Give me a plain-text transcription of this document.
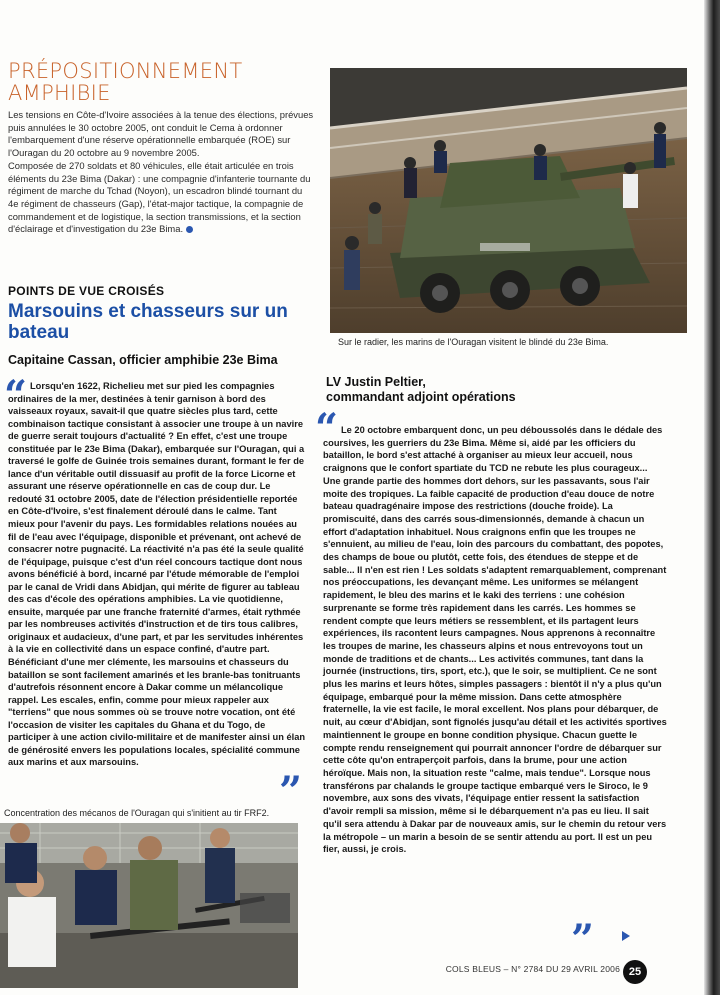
PRÉPOSITIONNEMENT AMPHIBIE

Les tensions en Côte-d'Ivoire associées à la tenue des élections, prévues puis annulées le 30 octobre 2005, ont conduit le Cema à ordonner l'embarquement d'une réserve opérationnelle embarquée (ROE) sur l'Ouragan du 20 octobre au 9 novembre 2005.

Composée de 270 soldats et 80 véhicules, elle était articulée en trois éléments du 23e Bima (Dakar) : une compagnie d'infanterie tournante du régiment de marche du Tchad (Noyon), un escadron blindé tournant du 4e régiment de chasseurs (Gap), l'état-major tactique, la compagnie de commandement et de logistique, la section transmissions, et la section d'éclairage et d'investigation du 23e Bima.

Sur le radier, les marins de l'Ouragan visitent le blindé du 23e Bima.
POINTS DE VUE CROISÉS
Marsouins et chasseurs sur un bateau
Capitaine Cassan, officier amphibie 23e Bima
“ Lorsqu'en 1622, Richelieu met sur pied les compagnies ordinaires de la mer, destinées à tenir garnison à bord des vaisseaux royaux, savait-il que quatre siècles plus tard, cette combinaison tactique consistant à associer une troupe à un navire de guerre serait toujours d'actualité ? En effet, c'est une troupe constituée par le 23e Bima (Dakar), embarquée sur l'Ouragan, qui a traversé le golfe de Guinée trois semaines durant, formant le fer de lance d'un véritable outil dissuasif au profit de la force Licorne et assurant une réserve opérationnelle en cas de coup dur. Le redouté 31 octobre 2005, date de l'élection présidentielle reportée en Côte-d'Ivoire, s'est finalement déroulé dans le calme. Tant mieux pour l'avenir du pays. Les formidables relations nouées au fil de l'eau avec l'équipage, disponible et prévenant, ont achevé de consacrer notre pugnacité. La réactivité n'a pas été la seule qualité de l'équipage, puisque c'est d'un réel concours tactique dont nous avons bénéficié à bord, incarné par l'étude mémorable de l'emploi par le canal de Vridi dans Abidjan, qui mérite de figurer au tableau des cas d'école des opérations amphibies. La vie quotidienne, ensuite, marquée par une franche fraternité d'armes, était rythmée par les nombreuses activités d'instruction et de tirs tous calibres, originaux et audacieux, d'une part, et par les servitudes inhérentes à la vie en collectivité dans un espace confiné, d'autre part. Bénéficiant d'une mer clémente, les marsouins et chasseurs du bataillon se sont facilement amarinés et les branle-bas tonitruants d'autrefois résonnent encore à Dakar comme un mélancolique rappel. Les escales, enfin, comme pour mieux rappeler aux "terriens" que nous sommes où se trouve notre vocation, ont été l'occasion de visiter les capitales du Ghana et du Togo, de participer à une action civilo-militaire et de manifester ainsi un élan de générosité envers les populations locales, spécialité commune aux marins et aux marsouins.
”
Concentration des mécanos de l'Ouragan qui s'initient au tir FRF2.
LV Justin Peltier,
commandant adjoint opérations
“ Le 20 octobre embarquent donc, un peu déboussolés dans le dédale des coursives, les guerriers du 23e Bima. Même si, aidé par les officiers du bataillon, le bord s'est attaché à organiser au mieux leur accueil, nous craignons que le confort spartiate du TCD ne rebute les plus courageux... Une grande partie des hommes dort dehors, sur les passavants, sous l'air moite des tropiques. La faible capacité de production d'eau douce de notre bateau quadragénaire impose des restrictions (douche froide). La promiscuité, dans des carrés sous-dimensionnés, demande à chacun un effort d'adaptation inhabituel. Nous craignons enfin que les troupes ne s'ennuient, au milieu de l'eau, loin des parcours du combattant, des popotes, des champs de boue ou plutôt, cette fois, des étendues de steppe et de sable... Il n'en est rien ! Les soldats s'adaptent remarquablement, comprenant nos préoccupations, les devançant même. Les uniformes se mélangent rapidement, le bleu des marins et le kaki des terriens : une cohésion surprenante se forme très rapidement dans les carrés. Les hommes se rendent compte que leurs métiers se ressemblent, et ils partagent leurs expériences, ils racontent leurs campagnes. Nous apprenons à reconnaître les troupes de marine, les chasseurs alpins et nous entrevoyons tout un monde de traditions et de chants... Les activités communes, tant dans la journée (instructions, tirs, sport, etc.), que le soir, se multiplient. Ce ne sont plus les marins et leurs hôtes, simples passagers : bientôt il n'y a plus qu'un équipage, embarqué pour la même mission. Dans cette atmosphère fraternelle, la vie est facile, le moral excellent. Nos plans pour débarquer, de nuit, au cœur d'Abidjan, sont fignolés jusqu'au détail et les activités sportives maintiennent le groupe en bonne condition physique. Chacun guette le compte rendu renseignement qui pourrait annoncer l'ordre de débarquer sur cette côte qu'on entraperçoit parfois, dans la brume, pour une action héroïque. Mais non, la situation reste "calme, mais tendue". Lorsque nous transférons par chalands le groupe tactique embarqué vers le Siroco, le 9 novembre, aux sons des vivats, l'équipage entier ressent la satisfaction d'avoir rempli sa mission, même si le débarquement n'a pas eu lieu. Il sait qu'il sera attendu à Dakar par de nouveaux amis, sur le chemin du retour vers la métropole – un marin a besoin de se sentir attendu au port. Il est un peu fier, aussi, je crois.
”
COLS BLEUS – N° 2784 DU 29 AVRIL 2006 25
